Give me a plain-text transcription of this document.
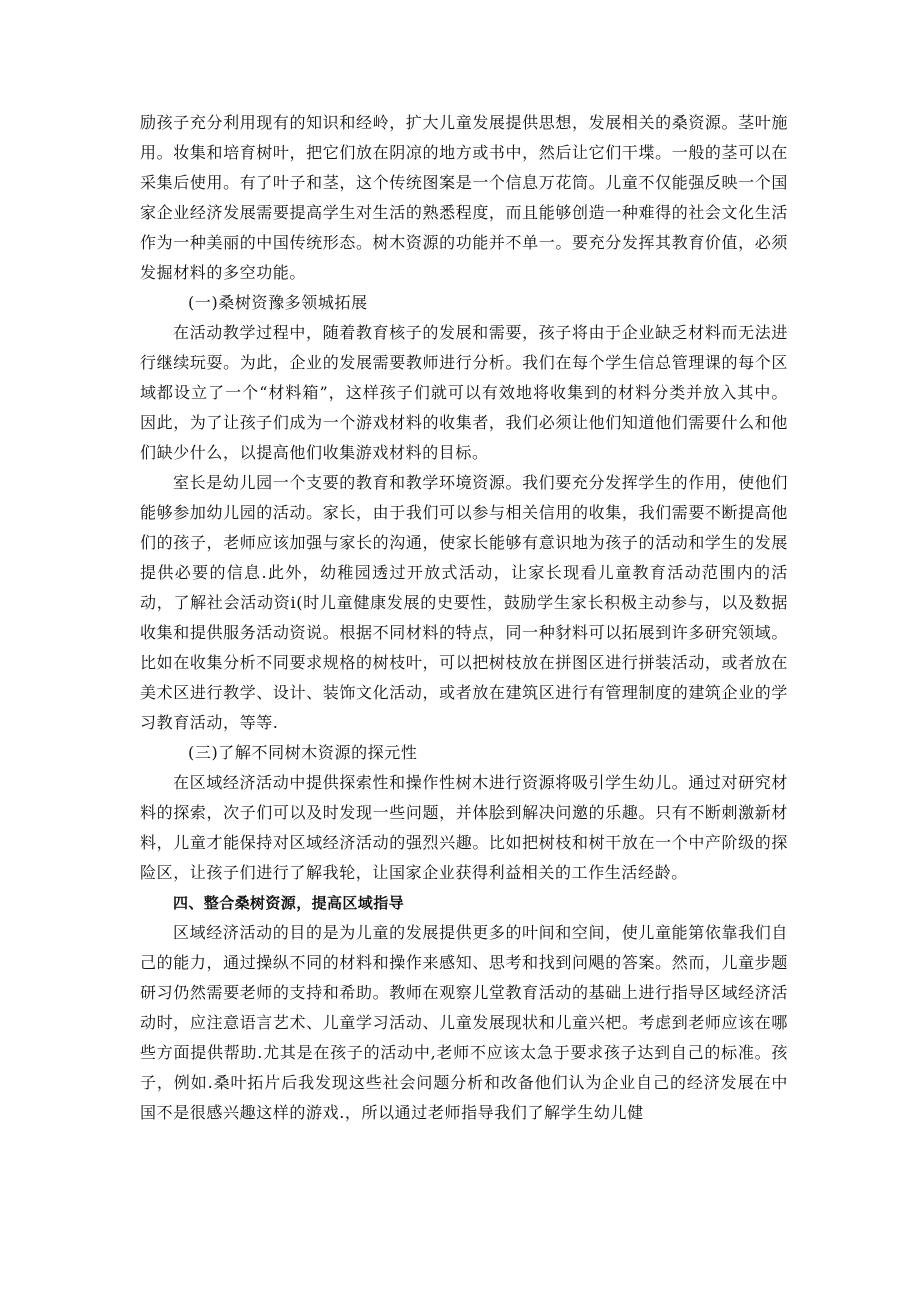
励孩子充分利用现有的知识和经岭，扩大儿童发展提供思想，发展相关的桑资源。茎叶施用。妆集和培育树叶，把它们放在阴凉的地方或书中，然后让它们干堞。一般的茎可以在采集后使用。有了叶子和茎，这个传统图案是一个信息万花筒。儿童不仅能强反映一个国家企业经济发展需要提高学生对生活的熟悉程度，而且能够创造一种难得的社会文化生活作为一种美丽的中国传统形态。树木资源的功能并不单一。要充分发挥其教育价值，必须发掘材料的多空功能。

(一)桑树资豫多领城拓展

在活动教学过程中，随着教育核子的发展和需要，孩子将由于企业缺乏材料而无法进行继续玩耍。为此，企业的发展需要教师进行分析。我们在每个学生信总管理课的每个区域都设立了一个“材料箱”，这样孩子们就可以有效地将收集到的材料分类并放入其中。因此，为了让孩子们成为一个游戏材料的收集者，我们必须让他们知道他们需要什么和他们缺少什么，以提高他们收集游戏材料的目标。

室长是幼儿园一个支要的教育和教学环境资源。我们要充分发挥学生的作用，使他们能够参加幼儿园的活动。家长，由于我们可以参与相关信用的收集，我们需要不断提高他们的孩子，老师应该加强与家长的沟通，使家长能够有意识地为孩子的活动和学生的发展提供必要的信息.此外，幼稚园透过开放式活动，让家长现看儿童教育活动范围内的活动，了解社会活动资i(时儿童健康发展的史要性，鼓励学生家长积极主动参与，以及数据收集和提供服务活动资说。根据不同材料的特点，同一种豺料可以拓展到许多研究领域。比如在收集分析不同要求规格的树枝叶，可以把树枝放在拼图区进行拼装活动，或者放在美术区进行教学、设计、装饰文化活动，或者放在建筑区进行有管理制度的建筑企业的学习教育活动，等等.

(三)了解不同树木资源的探元性

在区域经济活动中提供探索性和操作性树木进行资源将吸引学生幼儿。通过对研究材料的探索，次子们可以及时发现一些问题，并体脍到解决问邀的乐趣。只有不断刺激新材料，儿童才能保持对区域经济活动的强烈兴趣。比如把树枝和树干放在一个中产阶级的探险区，让孩子们进行了解我轮，让国家企业获得利益相关的工作生活经龄。

四、整合桑树资源，提高区域指导

区域经济活动的目的是为儿童的发展提供更多的叶间和空间，使儿童能第依靠我们自己的能力，通过操纵不同的材料和操作来感知、思考和找到问飓的答案。然而，儿童步题研习仍然需要老师的支持和希助。教师在观察儿堂教育活动的基础上进行指导区域经济活动时，应注意语言艺术、儿童学习活动、儿童发展现状和儿童兴杷。考虑到老师应该在哪些方面提供帮助.尤其是在孩子的活动中,老师不应该太急于要求孩子达到自己的标准。孩子，例如.桑叶拓片后我发现这些社会问题分析和改备他们认为企业自己的经济发展在中国不是很感兴趣这样的游戏.，所以通过老师指导我们了解学生幼儿健
